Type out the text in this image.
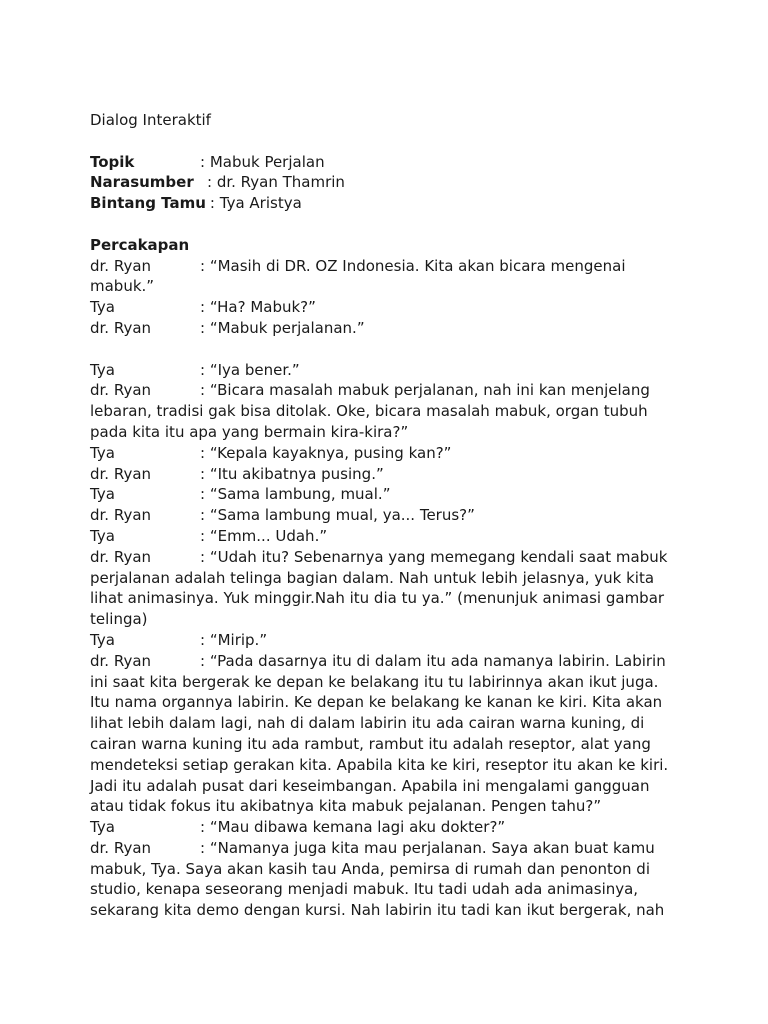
Dialog Interaktif
Topik	: Mabuk Perjalan
Narasumber : dr. Ryan Thamrin
Bintang Tamu : Tya Aristya
Percakapan
dr. Ryan	: “Masih di DR. OZ Indonesia. Kita akan bicara mengenai mabuk.”
Tya	: “Ha? Mabuk?”
dr. Ryan	: “Mabuk perjalanan.”
Tya	: “Iya bener.”
dr. Ryan	: “Bicara masalah mabuk perjalanan, nah ini kan menjelang lebaran, tradisi gak bisa ditolak. Oke, bicara masalah mabuk, organ tubuh pada kita itu apa yang bermain kira-kira?”
Tya	: “Kepala kayaknya, pusing kan?”
dr. Ryan	: “Itu akibatnya pusing.”
Tya	: “Sama lambung, mual.”
dr. Ryan	: “Sama lambung mual, ya... Terus?”
Tya	: “Emm... Udah.”
dr. Ryan	: “Udah itu? Sebenarnya yang memegang kendali saat mabuk perjalanan adalah telinga bagian dalam. Nah untuk lebih jelasnya, yuk kita lihat animasinya. Yuk minggir.Nah itu dia tu ya.” (menunjuk animasi gambar telinga)
Tya	: “Mirip.”
dr. Ryan	: “Pada dasarnya itu di dalam itu ada namanya labirin. Labirin ini saat kita bergerak ke depan ke belakang itu tu labirinnya akan ikut juga. Itu nama organnya labirin. Ke depan ke belakang ke kanan ke kiri. Kita akan lihat lebih dalam lagi, nah di dalam labirin itu ada cairan warna kuning, di cairan warna kuning itu ada rambut, rambut itu adalah reseptor, alat yang mendeteksi setiap gerakan kita. Apabila kita ke kiri, reseptor itu akan ke kiri. Jadi itu adalah pusat dari keseimbangan. Apabila ini mengalami gangguan atau tidak fokus itu akibatnya kita mabuk pejalanan. Pengen tahu?”
Tya	: “Mau dibawa kemana lagi aku dokter?”
dr. Ryan	: “Namanya juga kita mau perjalanan. Saya akan buat kamu mabuk, Tya. Saya akan kasih tau Anda, pemirsa di rumah dan penonton di studio, kenapa seseorang menjadi mabuk. Itu tadi udah ada animasinya, sekarang kita demo dengan kursi. Nah labirin itu tadi kan ikut bergerak, nah
